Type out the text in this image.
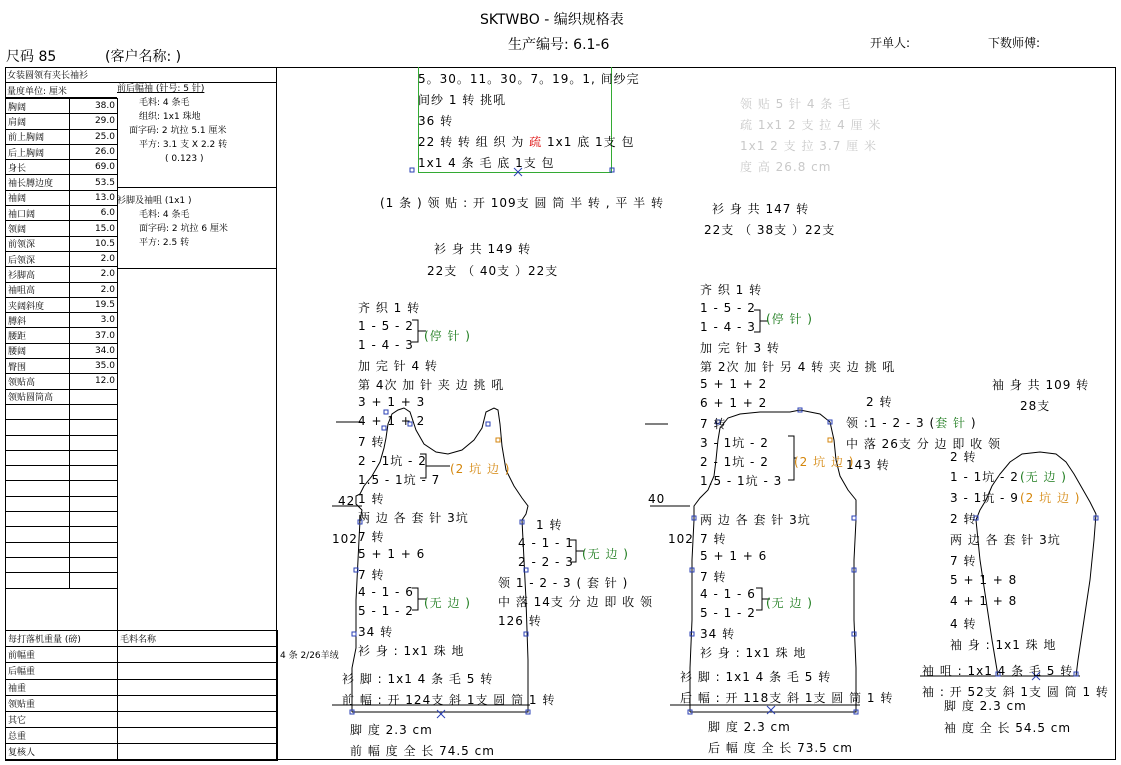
SKTWBO - 编织规格表
生产编号: 6.1-6
尺码 85	(客户名称: )
开单人:	下数师傅:
女装圆领有夹长袖衫
量度单位: 厘米
胸阔	38.0
肩阔	29.0
前上胸阔	25.0
后上胸阔	26.0
身长	69.0
袖长膊边度	53.5
袖阔	13.0
袖口阔	6.0
领阔	15.0
前领深	10.5
后领深	2.0
衫脚高	2.0
袖咀高	2.0
夹阔斜度	19.5
膊斜	3.0
腰距	37.0
腰阔	34.0
臀围	35.0
领贴高	12.0
领贴圆筒高	

前后幅袖 (针号: 5 针)
毛料: 4 条毛
组织: 1x1 珠地
面字码: 2 坑拉 5.1 厘米
平方: 3.1 支 X 2.2 转
( 0.123 )
衫脚及袖咀 (1x1 )
毛料: 4 条毛
面字码: 2 坑拉 6 厘米
平方: 2.5 转
每打落机重量 (磅)	毛料名称	
前幅重		4 条 2/26羊绒
后幅重		
袖重		
领贴重		
其它		
总重		
复核人		
5。30。11。30。7。19。1, 间纱完
间纱 1 转 挑吼
36 转
22 转 转 组 织 为 疏 1x1 底 1支 包
1x1 4 条 毛 底 1支 包
(1 条 ) 领 贴 : 开 109支 圆 筒 半 转 , 平 半 转
领 贴 5 针 4 条 毛
疏 1x1 2 支 拉 4 厘 米
1x1 2 支 拉 3.7 厘 米
度 高 26.8 cm
衫 身 共 149 转
22支 （ 40支 ）22支
齐 织 1 转
1 - 5 - 2
1 - 4 - 3
加 完 针 4 转
第 4次 加 针 夹 边 挑 吼
3 + 1 + 3
4 + 1 + 2
7 转
2 - 1坑 - 2
1.5 - 1坑 - 7
1 转
两 边 各 套 针 3坑
7 转
5 + 1 + 6
7 转
4 - 1 - 6
5 - 1 - 2
34 转
衫 身 : 1x1 珠 地
(停 针 )
(2 坑 边 )
(无 边 )
(无 边 )
1 转
4 - 1 - 1
2 - 2 - 3
领 1 - 2 - 3 ( 套 针 )
中 落 14支 分 边 即 收 领
126 转
42
102
衫 脚 : 1x1 4 条 毛 5 转
前 幅 : 开 124支 斜 1支 圆 筒 1 转
脚 度 2.3 cm
前 幅 度 全 长 74.5 cm
衫 身 共 147 转
22支 （ 38支 ）22支
齐 织 1 转
1 - 5 - 2
1 - 4 - 3
加 完 针 3 转
第 2次 加 针 另 4 转 夹 边 挑 吼
5 + 1 + 2
6 + 1 + 2
7 转
3 - 1坑 - 2
2 - 1坑 - 2
1.5 - 1坑 - 3
两 边 各 套 针 3坑
7 转
5 + 1 + 6
7 转
4 - 1 - 6
5 - 1 - 2
34 转
衫 身 : 1x1 珠 地
(停 针 )
(2 坑 边 )
(无 边 )
2 转
领 :1 - 2 - 3 (套 针 )
中 落 26支 分 边 即 收 领
143 转
40
102
衫 脚 : 1x1 4 条 毛 5 转
后 幅 : 开 118支 斜 1支 圆 筒 1 转
脚 度 2.3 cm
后 幅 度 全 长 73.5 cm
袖 身 共 109 转
28支
2 转
1 - 1坑 - 2
3 - 1坑 - 9
2 转
两 边 各 套 针 3坑
7 转
5 + 1 + 8
4 + 1 + 8
4 转
袖 身 : 1x1 珠 地
(无 边 )
(2 坑 边 )
袖 咀 : 1x1 4 条 毛 5 转
袖 : 开 52支 斜 1支 圆 筒 1 转
脚 度 2.3 cm
袖 度 全 长 54.5 cm
